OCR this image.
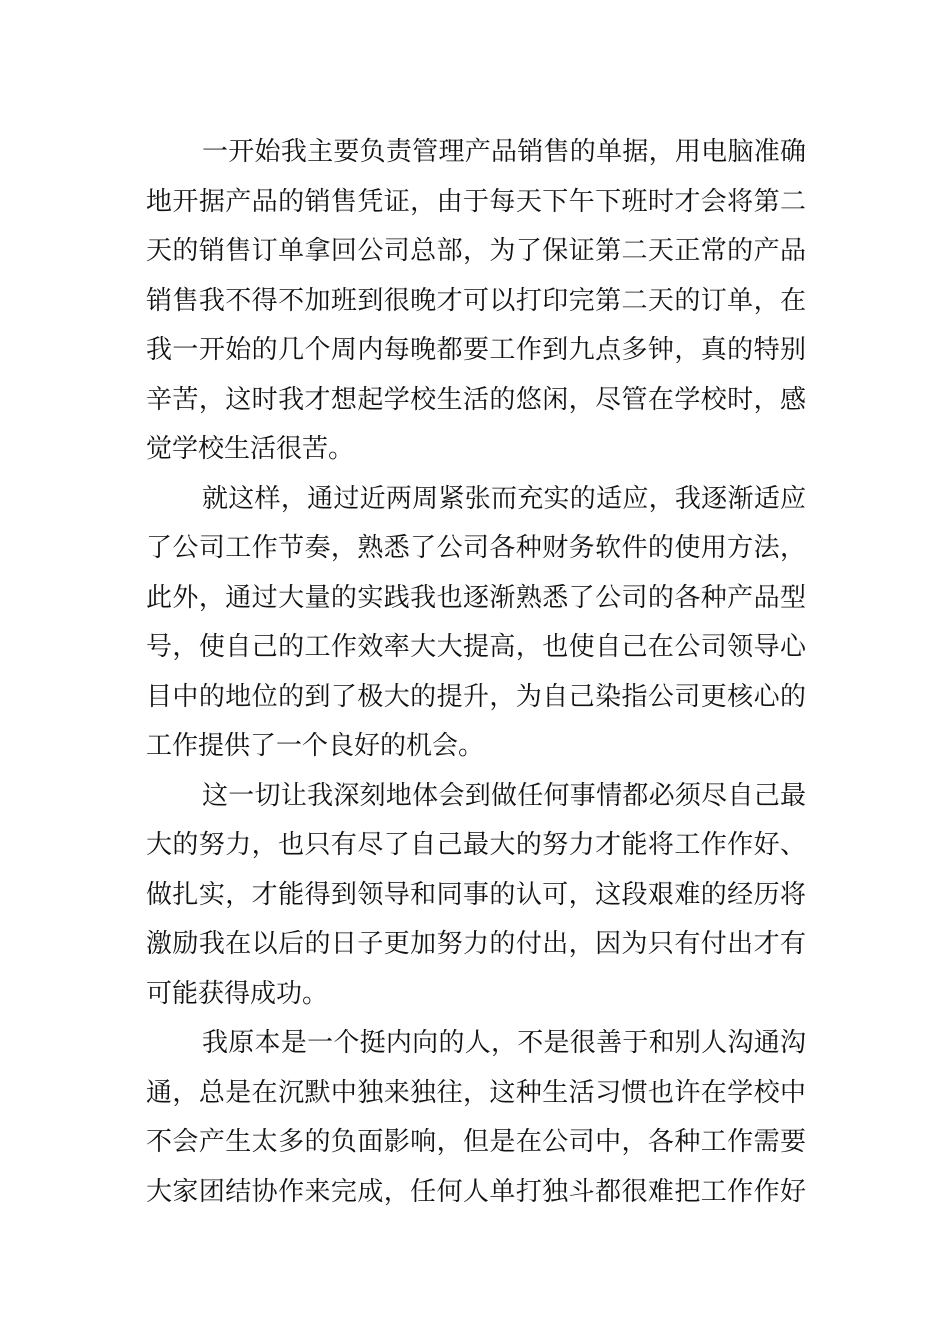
一开始我主要负责管理产品销售的单据，用电脑准确
地开据产品的销售凭证，由于每天下午下班时才会将第二
天的销售订单拿回公司总部，为了保证第二天正常的产品
销售我不得不加班到很晚才可以打印完第二天的订单，在
我一开始的几个周内每晚都要工作到九点多钟，真的特别
辛苦，这时我才想起学校生活的悠闲，尽管在学校时，感
觉学校生活很苦。
就这样，通过近两周紧张而充实的适应，我逐渐适应
了公司工作节奏，熟悉了公司各种财务软件的使用方法，
此外，通过大量的实践我也逐渐熟悉了公司的各种产品型
号，使自己的工作效率大大提高，也使自己在公司领导心
目中的地位的到了极大的提升，为自己染指公司更核心的
工作提供了一个良好的机会。
这一切让我深刻地体会到做任何事情都必须尽自己最
大的努力，也只有尽了自己最大的努力才能将工作作好、
做扎实，才能得到领导和同事的认可，这段艰难的经历将
激励我在以后的日子更加努力的付出，因为只有付出才有
可能获得成功。
我原本是一个挺内向的人，不是很善于和别人沟通沟
通，总是在沉默中独来独往，这种生活习惯也许在学校中
不会产生太多的负面影响，但是在公司中，各种工作需要
大家团结协作来完成，任何人单打独斗都很难把工作作好
